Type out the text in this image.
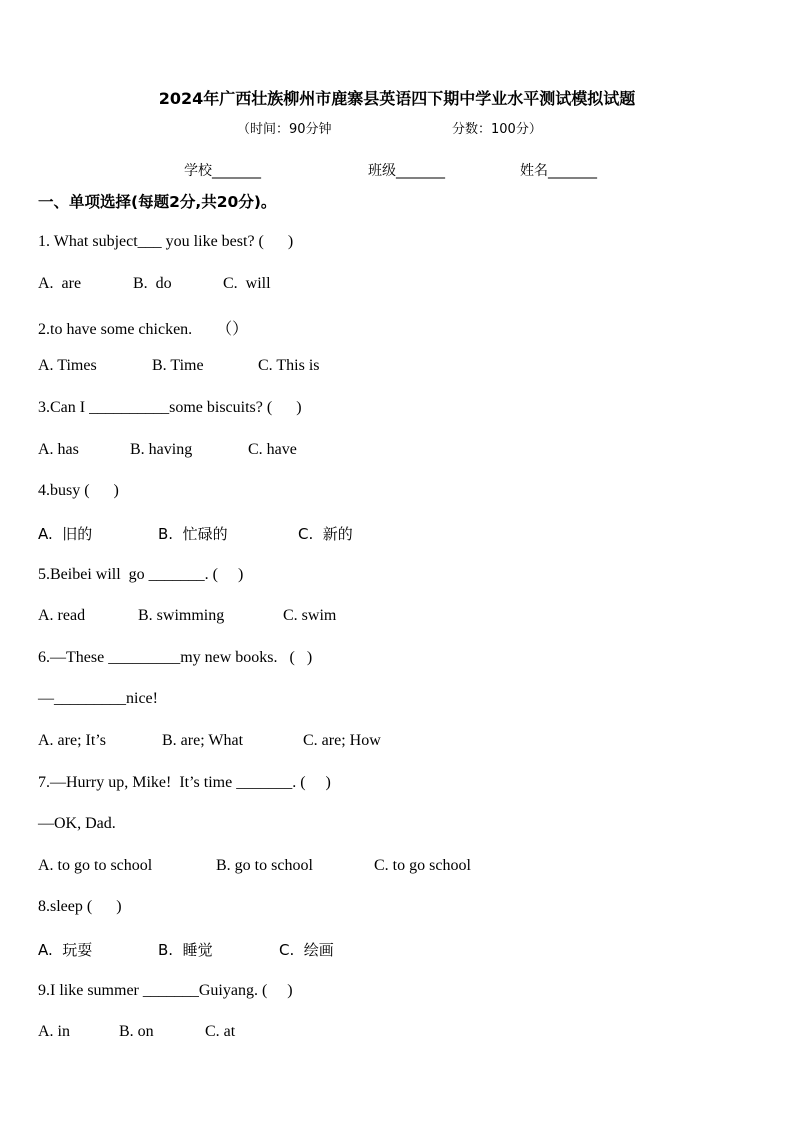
2024年广西壮族柳州市鹿寨县英语四下期中学业水平测试模拟试题
（时间：90分钟	分数：100分）
学校_______	班级_______	姓名_______
一、单项选择(每题2分,共20分)。
1. What subject___ you like best? (      )

A.  are

	B.  do

	C.  will

2.to have some chicken.      （）

A. Times

	B. Time

	C. This is

3.Can I __________some biscuits? (      )

A. has

	B. having

	C. have

4.busy (      )

A.  旧的

	B.  忙碌的

	C.  新的

5.Beibei will  go _______. (     )

A. read

	B. swimming

	C. swim

6.—These _________my new books.   (   )
—_________nice!

A. are; It’s

	B. are; What

	C. are; How

7.—Hurry up, Mike!  It’s time _______. (     )
—OK, Dad.

A. to go to school

	B. go to school

	C. to go school

8.sleep (      )

A.  玩耍

	B.  睡觉

	C.  绘画

9.I like summer _______Guiyang. (     )

A. in

	B. on

	C. at
